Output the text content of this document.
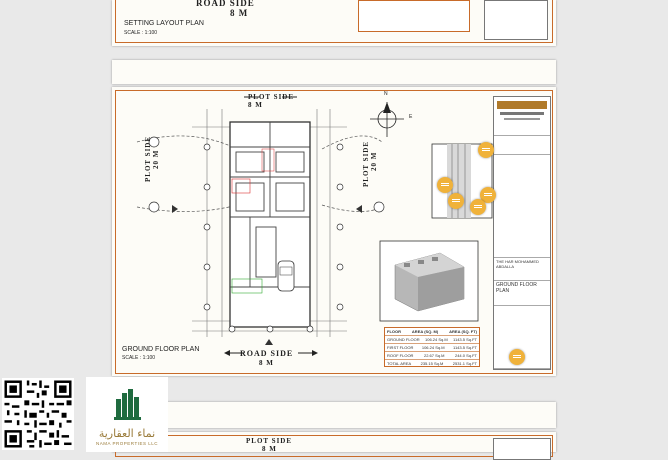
ROAD SIDE
8 M
SETTING LAYOUT PLAN
SCALE : 1:100
PLOT SIDE
8 M
PLOT SIDE 20 M	PLOT SIDE 20 M
ROAD SIDE
8 M
GROUND FLOOR PLAN
SCALE : 1:100
N
E
FLOOR	AREA (SQ. M)	AREA (SQ. FT)
GROUND FLOOR 106.24 Sq.M 1143.5 Sq.FT
FIRST FLOOR 106.24 Sq.M 1143.5 Sq.FT
ROOF FLOOR	22.67 Sq.M	244.0 Sq.FT
TOTAL AREA 235.15 Sq.M 2531.1 Sq.FT
THE HAR MOHAMMED ABDALLA
GROUND FLOOR PLAN
PLOT SIDE
8 M
نماء العقارية
NAMA PROPERTIES LLC
